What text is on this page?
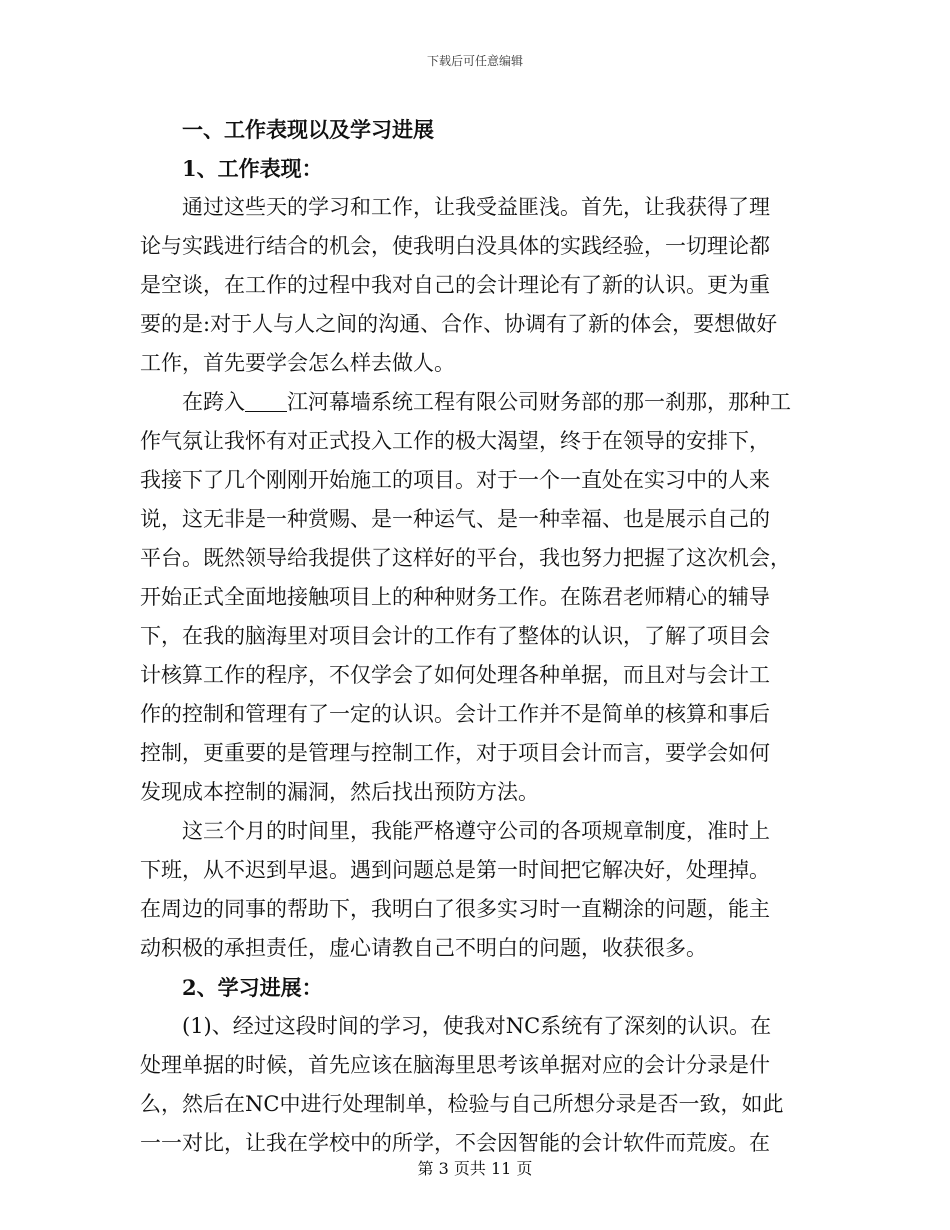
下载后可任意编辑
一、工作表现以及学习进展
1、工作表现：
通过这些天的学习和工作，让我受益匪浅。首先，让我获得了理
论与实践进行结合的机会，使我明白没具体的实践经验，一切理论都
是空谈，在工作的过程中我对自己的会计理论有了新的认识。更为重
要的是:对于人与人之间的沟通、合作、协调有了新的体会，要想做好
工作，首先要学会怎么样去做人。
在跨入 江河幕墙系统工程有限公司财务部的那一刹那，那种工
作气氛让我怀有对正式投入工作的极大渴望，终于在领导的安排下，
我接下了几个刚刚开始施工的项目。对于一个一直处在实习中的人来
说，这无非是一种赏赐、是一种运气、是一种幸福、也是展示自己的
平台。既然领导给我提供了这样好的平台，我也努力把握了这次机会，
开始正式全面地接触项目上的种种财务工作。在陈君老师精心的辅导
下，在我的脑海里对项目会计的工作有了整体的认识，了解了项目会
计核算工作的程序，不仅学会了如何处理各种单据，而且对与会计工
作的控制和管理有了一定的认识。会计工作并不是简单的核算和事后
控制，更重要的是管理与控制工作，对于项目会计而言，要学会如何
发现成本控制的漏洞，然后找出预防方法。
这三个月的时间里，我能严格遵守公司的各项规章制度，准时上
下班，从不迟到早退。遇到问题总是第一时间把它解决好，处理掉。
在周边的同事的帮助下，我明白了很多实习时一直糊涂的问题，能主
动积极的承担责任，虚心请教自己不明白的问题，收获很多。
2、学习进展：
(1)、经过这段时间的学习，使我对NC系统有了深刻的认识。在
处理单据的时候，首先应该在脑海里思考该单据对应的会计分录是什
么，然后在NC中进行处理制单，检验与自己所想分录是否一致，如此
一一对比，让我在学校中的所学，不会因智能的会计软件而荒废。在
第 3 页共 11 页
